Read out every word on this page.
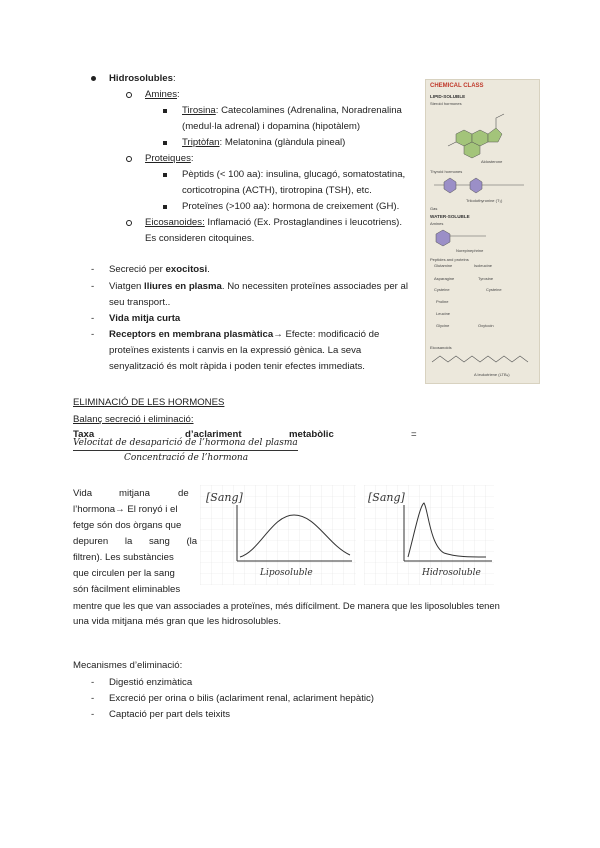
Hidrosolubles:
Amines:
Tirosina: Catecolamines (Adrenalina, Noradrenalina
(medul·la adrenal) i dopamina (hipotàlem)
Triptòfan: Melatonina (glàndula pineal)
Proteiques:
Pèptids (< 100 aa): insulina, glucagó, somatostatina,
corticotropina (ACTH), tirotropina (TSH), etc.
Proteïnes (>100 aa): hormona de creixement (GH).
Eicosanoides: Inflamació (Ex. Prostaglandines i leucotriens).
Es consideren citoquines.
- Secreció per exocitosi.
- Viatgen lliures en plasma. No necessiten proteïnes associades per al
seu transport..
- Vida mitja curta
- Receptors en membrana plasmàtica→ Efecte: modificació de
proteïnes existents i canvis en la expressió gènica. La seva
senyalització és molt ràpida i poden tenir efectes immediats.
ELIMINACIÓ DE LES HORMONES
Balanç secreció i eliminació:
Taxa	d’aclariment	metabòlic	=
Velocitat de desaparició de l’hormona del plasma
Concentració de l’hormona
Vida	mitjana	de
l’hormona→ El ronyó i el
fetge són dos òrgans que
depuren la sang (la
filtren). Les substàncies
que circulen per la sang
són fàcilment eliminables
mentre que les que van associades a proteïnes, més difícilment. De manera que les liposolubles tenen
una vida mitjana més gran que les hidrosolubles.
[Sang]
Liposoluble
[Sang]
Hidrosoluble
Mecanismes d’eliminació:
- Digestió enzimàtica
- Excreció per orina o bilis (aclariment renal, aclariment hepàtic)
- Captació per part dels teixits
CHEMICAL CLASS
LIPID-SOLUBLE
Steroid hormones
Aldosterone
Thyroid hormones
Triiodothyronine (T₃)
Gas
WATER-SOLUBLE
Amines
Norepinephrine
Peptides and proteins
Glutamine	Isoleucine
Asparagine	Tyrosine
Cysteine	Cysteine
Proline
Leucine
Glycine	Oxytocin
Eicosanoids
A leukotriene (LTB₄)
